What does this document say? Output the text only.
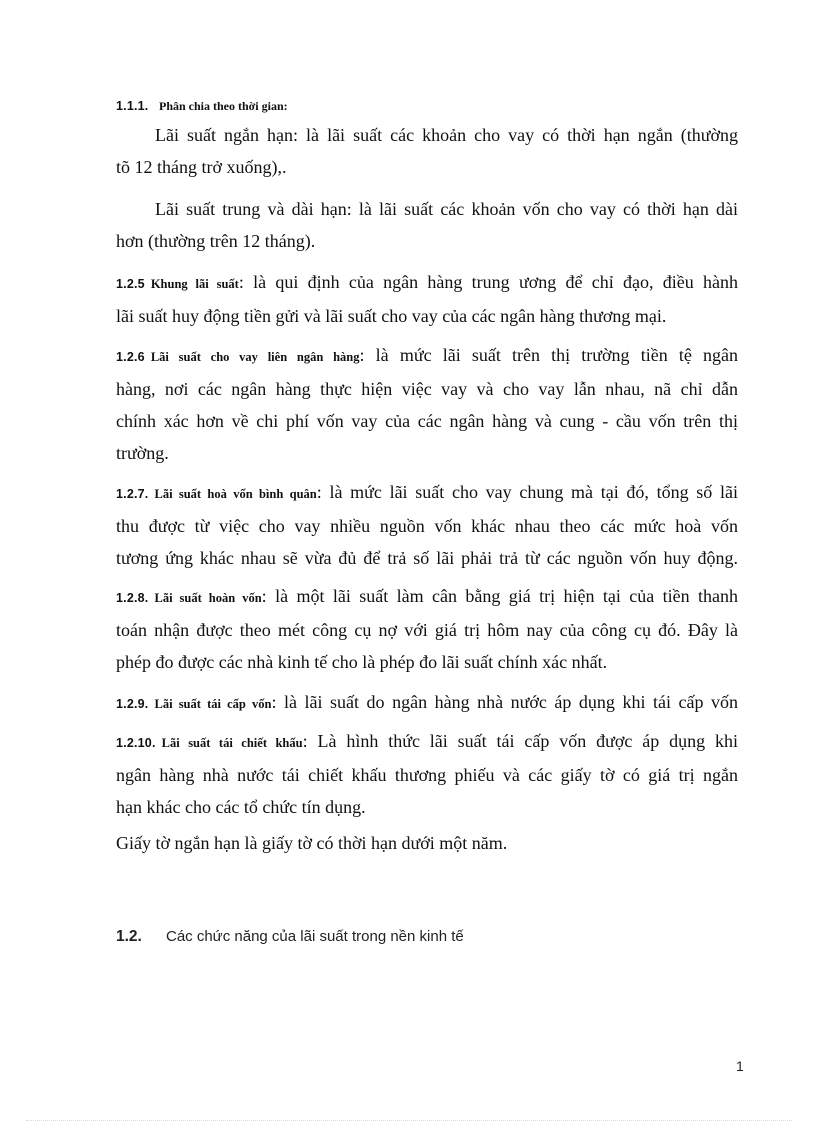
1.1.1. Phân chia theo thời gian:
Lãi suất ngắn hạn: là lãi suất các khoản cho vay có thời hạn ngắn (thường
tõ 12 tháng trở xuống),.
Lãi suất trung và dài hạn: là lãi suất các khoản vốn cho vay có thời hạn dài
hơn (thường trên 12 tháng).
1.2.5 Khung lãi suất: là qui định của ngân hàng trung ương để chỉ đạo, điều hành
lãi suất huy động tiền gửi và lãi suất cho vay của các ngân hàng thương mại.
1.2.6 Lãi suất cho vay liên ngân hàng: là mức lãi suất trên thị trường tiền tệ ngân
hàng, nơi các ngân hàng thực hiện việc vay và cho vay lẫn nhau, nã chỉ dẫn
chính xác hơn về chi phí vốn vay của các ngân hàng và cung - cầu vốn trên thị
trường.
1.2.7. Lãi suất hoà vốn bình quân: là mức lãi suất cho vay chung mà tại đó, tổng số lãi
thu được từ việc cho vay nhiều nguồn vốn khác nhau theo các mức hoà vốn
tương ứng khác nhau sẽ vừa đủ để trả số lãi phải trả từ các nguồn vốn huy động.
1.2.8. Lãi suất hoàn vốn: là một lãi suất làm cân bằng giá trị hiện tại của tiền thanh
toán nhận được theo mét công cụ nợ với giá trị hôm nay của công cụ đó. Đây là
phép đo được các nhà kinh tế cho là phép đo lãi suất chính xác nhất.
1.2.9. Lãi suất tái cấp vốn: là lãi suất do ngân hàng nhà nước áp dụng khi tái cấp vốn
1.2.10. Lãi suất tái chiết khấu: Là hình thức lãi suất tái cấp vốn được áp dụng khi
ngân hàng nhà nước tái chiết khấu thương phiếu và các giấy tờ có giá trị ngắn
hạn khác cho các tổ chức tín dụng.
Giấy tờ ngắn hạn là giấy tờ có thời hạn dưới một năm.
1.2. Các chức năng của lãi suất trong nền kinh tế
1
